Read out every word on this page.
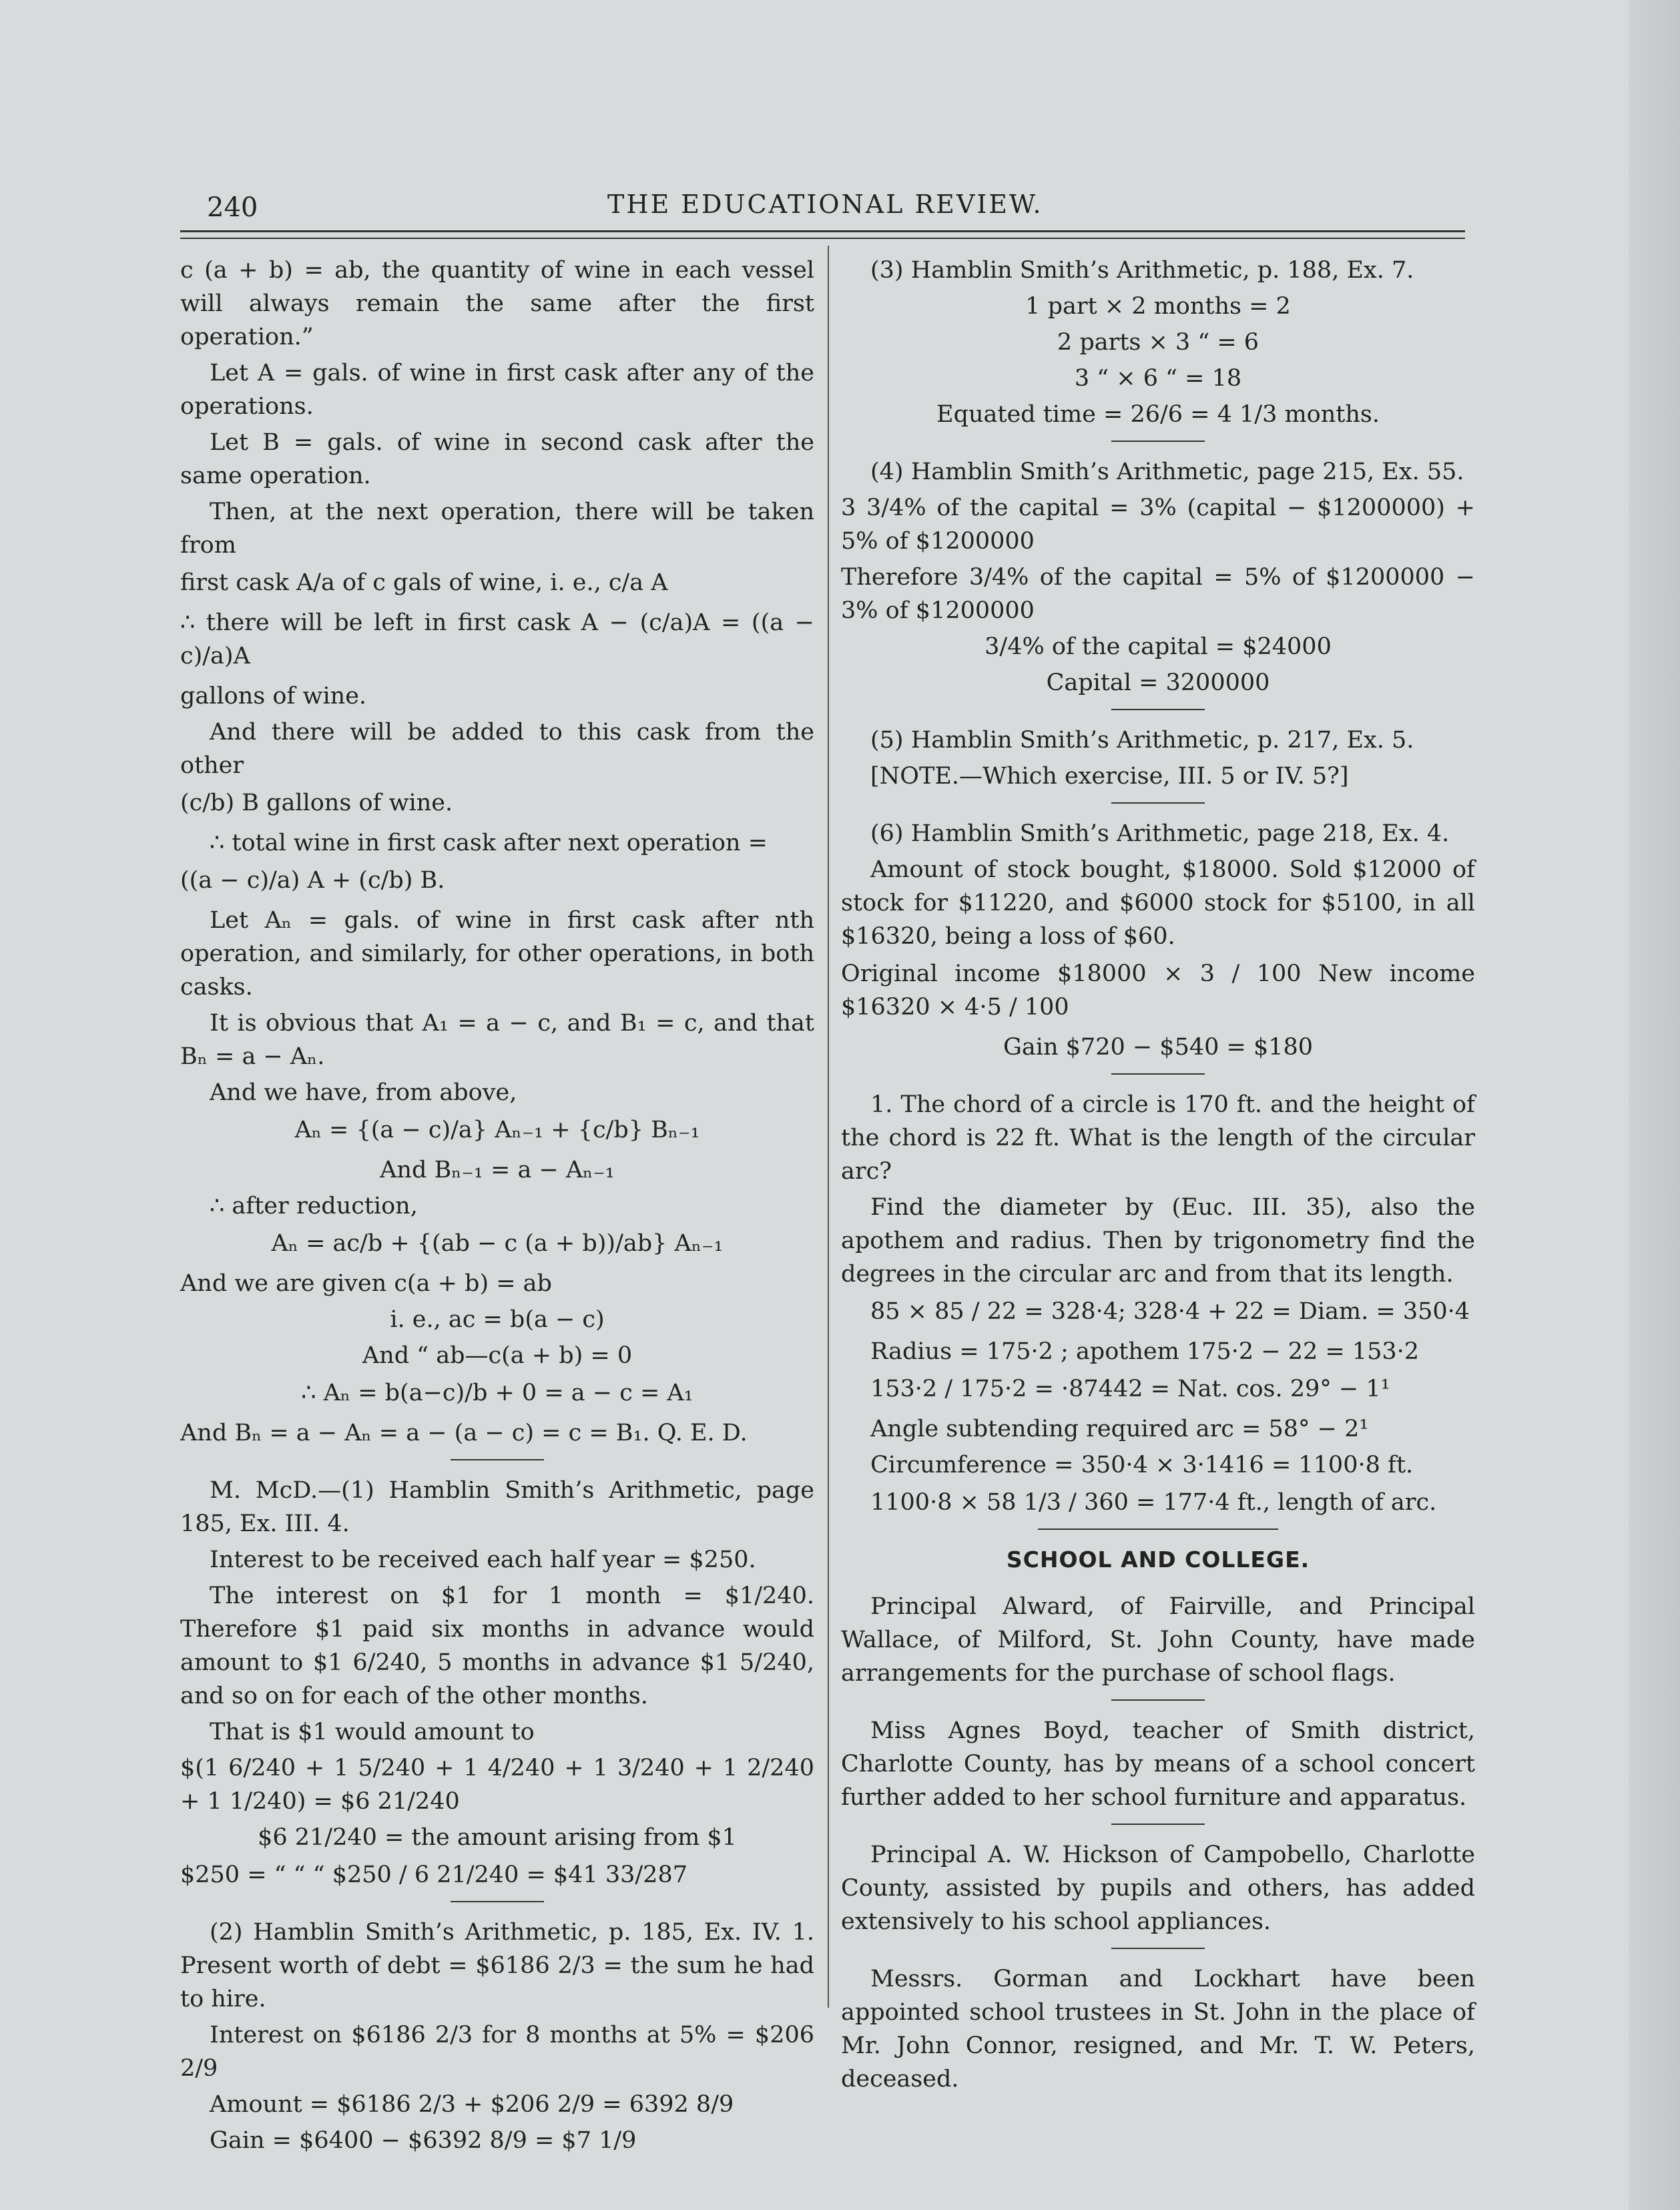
240	THE EDUCATIONAL REVIEW.

c (a + b) = ab, the quantity of wine in each vessel will always remain the same after the first operation.”

Let A = gals. of wine in first cask after any of the operations.

Let B = gals. of wine in second cask after the same operation.

Then, at the next operation, there will be taken from

first cask A/a of c gals of wine, i. e., c/a A

∴ there will be left in first cask A − (c/a)A = ((a − c)/a)A

gallons of wine.

And there will be added to this cask from the other

(c/b) B gallons of wine.

∴ total wine in first cask after next operation =

((a − c)/a) A + (c/b) B.

Let Aₙ = gals. of wine in first cask after nth operation, and similarly, for other operations, in both casks.

It is obvious that A₁ = a − c, and B₁ = c, and that Bₙ = a − Aₙ.

And we have, from above,

Aₙ = {(a − c)/a} Aₙ₋₁ + {c/b} Bₙ₋₁

And Bₙ₋₁ = a − Aₙ₋₁

∴ after reduction,

Aₙ = ac/b + {(ab − c (a + b))/ab} Aₙ₋₁

And we are given c(a + b) = ab

i. e., ac = b(a − c)

And “ ab—c(a + b) = 0

∴ Aₙ = b(a−c)/b + 0 = a − c = A₁

And Bₙ = a − Aₙ = a − (a − c) = c = B₁. Q. E. D.

M. McD.—(1) Hamblin Smith’s Arithmetic, page 185, Ex. III. 4.

Interest to be received each half year = $250.

The interest on $1 for 1 month = $1/240. Therefore $1 paid six months in advance would amount to $1 6/240, 5 months in advance $1 5/240, and so on for each of the other months.

That is $1 would amount to

$(1 6/240 + 1 5/240 + 1 4/240 + 1 3/240 + 1 2/240 + 1 1/240) = $6 21/240

$6 21/240 = the amount arising from $1

$250 = “ “ “ $250 / 6 21/240 = $41 33/287

(2) Hamblin Smith’s Arithmetic, p. 185, Ex. IV. 1. Present worth of debt = $6186 2/3 = the sum he had to hire.

Interest on $6186 2/3 for 8 months at 5% = $206 2/9

Amount = $6186 2/3 + $206 2/9 = 6392 8/9

Gain = $6400 − $6392 8/9 = $7 1/9

(3) Hamblin Smith’s Arithmetic, p. 188, Ex. 7.

1 part × 2 months = 2

2 parts × 3 “ = 6

3 “ × 6 “ = 18

Equated time = 26/6 = 4 1/3 months.

(4) Hamblin Smith’s Arithmetic, page 215, Ex. 55.

3 3/4% of the capital = 3% (capital − $1200000) + 5% of $1200000

Therefore 3/4% of the capital = 5% of $1200000 − 3% of $1200000

3/4% of the capital = $24000

Capital = 3200000

(5) Hamblin Smith’s Arithmetic, p. 217, Ex. 5.

[NOTE.—Which exercise, III. 5 or IV. 5?]

(6) Hamblin Smith’s Arithmetic, page 218, Ex. 4.

Amount of stock bought, $18000. Sold $12000 of stock for $11220, and $6000 stock for $5100, in all $16320, being a loss of $60.

Original income $18000 × 3 / 100 New income $16320 × 4·5 / 100

Gain $720 − $540 = $180

1. The chord of a circle is 170 ft. and the height of the chord is 22 ft. What is the length of the circular arc?

Find the diameter by (Euc. III. 35), also the apothem and radius. Then by trigonometry find the degrees in the circular arc and from that its length.

85 × 85 / 22 = 328·4; 328·4 + 22 = Diam. = 350·4

Radius = 175·2 ; apothem 175·2 − 22 = 153·2

153·2 / 175·2 = ·87442 = Nat. cos. 29° − 1¹

Angle subtending required arc = 58° − 2¹

Circumference = 350·4 × 3·1416 = 1100·8 ft.

1100·8 × 58 1/3 / 360 = 177·4 ft., length of arc.

SCHOOL AND COLLEGE.

Principal Alward, of Fairville, and Principal Wallace, of Milford, St. John County, have made arrangements for the purchase of school flags.

Miss Agnes Boyd, teacher of Smith district, Charlotte County, has by means of a school concert further added to her school furniture and apparatus.

Principal A. W. Hickson of Campobello, Charlotte County, assisted by pupils and others, has added extensively to his school appliances.

Messrs. Gorman and Lockhart have been appointed school trustees in St. John in the place of Mr. John Connor, resigned, and Mr. T. W. Peters, deceased.
